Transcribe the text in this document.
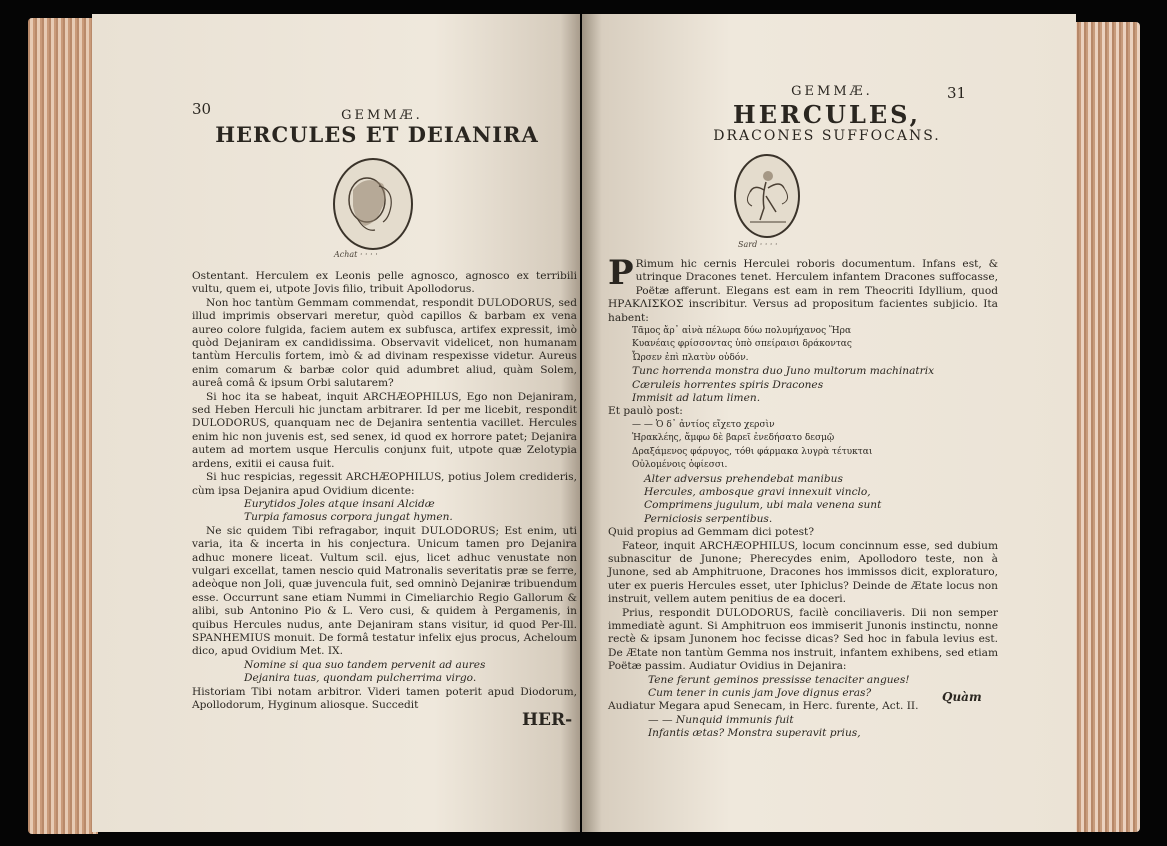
30	GEMMÆ.
HERCULES ET DEIANIRA
Achat · · · ·

Ostentant. Herculem ex Leonis pelle agnosco, agnosco ex terribili vultu, quem ei, utpote Jovis filio, tribuit Apollodorus.

Non hoc tantùm Gemmam commendat, respondit DULODORUS, sed illud imprimis observari meretur, quòd capillos & barbam ex vena aureo colore fulgida, faciem autem ex subfusca, artifex expressit, imò quòd Dejaniram ex candidissima. Observavit videlicet, non humanam tantùm Herculis fortem, imò & ad divinam respexisse videtur. Aureus enim comarum & barbæ color quid adumbret aliud, quàm Solem, aureâ comâ & ipsum Orbi salutarem?

Si hoc ita se habeat, inquit ARCHÆOPHILUS, Ego non Dejaniram, sed Heben Herculi hic junctam arbitrarer. Id per me licebit, respondit DULODORUS, quanquam nec de Dejanira sententia vacillet. Hercules enim hic non juvenis est, sed senex, id quod ex horrore patet; Dejanira autem ad mortem usque Herculis conjunx fuit, utpote quæ Zelotypia ardens, exitii ei causa fuit.

Si huc respicias, regessit ARCHÆOPHILUS, potius Jolem credideris, cùm ipsa Dejanira apud Ovidium dicente:

Eurytidos Joles atque insani Alcidæ

Turpia famosus corpora jungat hymen.

Ne sic quidem Tibi refragabor, inquit DULODORUS; Est enim, uti varia, ita & incerta in his conjectura. Unicum tamen pro Dejanira adhuc monere liceat. Vultum scil. ejus, licet adhuc venustate non vulgari excellat, tamen nescio quid Matronalis severitatis præ se ferre, adeòque non Joli, quæ juvencula fuit, sed omninò Dejaniræ tribuendum esse. Occurrunt sane etiam Nummi in Cimeliarchio Regio Gallorum & alibi, sub Antonino Pio & L. Vero cusi, & quidem à Pergamenis, in quibus Hercules nudus, ante Dejaniram stans visitur, id quod Per-Ill. SPANHEMIUS monuit. De formâ testatur infelix ejus procus, Acheloum dico, apud Ovidium Met. IX.

Nomine si qua suo tandem pervenit ad aures

Dejanira tuas, quondam pulcherrima virgo.

Historiam Tibi notam arbitror. Videri tamen poterit apud Diodorum, Apollodorum, Hyginum aliosque. Succedit

HER-
GEMMÆ.	31
HERCULES,
DRACONES SUFFOCANS.
Sard · · · ·

P Rimum hic cernis Herculei roboris documentum. Infans est, & utrinque Dracones tenet. Herculem infantem Dracones suffocasse, Poëtæ afferunt. Elegans est eam in rem Theocriti Idyllium, quod ΗΡΑΚΛΙΣΚΟΣ inscribitur. Versus ad propositum facientes subjicio. Ita habent:

Τᾶμος ἄρ᾽ αἰνὰ πέλωρα δύω πολυμήχανος Ἥρα

Κυανέαις φρίσσοντας ὑπὸ σπείραισι δράκοντας

Ὦρσεν ἐπὶ πλατὺν οὐδόν.

Tunc horrenda monstra duo Juno multorum machinatrix

Cæruleis horrentes spiris Dracones

Immisit ad latum limen.

Et paulò post:

— — Ὁ δ᾽ ἀντίος εἴχετο χερσὶν

Ἡρακλέης, ἄμφω δὲ βαρεῖ ἐνεδήσατο δεσμῷ

Δραξάμενος φάρυγος, τόθι φάρμακα λυγρὰ τέτυκται

Οὐλομένοις ὀφίεσσι.

Alter adversus prehendebat manibus

Hercules, ambosque gravi innexuit vinclo,

Comprimens jugulum, ubi mala venena sunt

Perniciosis serpentibus.

Quid propius ad Gemmam dici potest?

Fateor, inquit ARCHÆOPHILUS, locum concinnum esse, sed dubium subnascitur de Junone; Pherecydes enim, Apollodoro teste, non à Junone, sed ab Amphitruone, Dracones hos immissos dicit, exploraturo, uter ex pueris Hercules esset, uter Iphiclus? Deinde de Ætate locus non instruit, vellem autem penitius de ea doceri.

Prius, respondit DULODORUS, facilè conciliaveris. Dii non semper immediatè agunt. Si Amphitruon eos immiserit Junonis instinctu, nonne rectè & ipsam Junonem hoc fecisse dicas? Sed hoc in fabula levius est. De Ætate non tantùm Gemma nos instruit, infantem exhibens, sed etiam Poëtæ passim. Audiatur Ovidius in Dejanira:

Tene ferunt geminos pressisse tenaciter angues!

Cum tener in cunis jam Jove dignus eras?

Audiatur Megara apud Senecam, in Herc. furente, Act. II.

— — Nunquid immunis fuit

Infantis ætas? Monstra superavit prius,

Quàm
